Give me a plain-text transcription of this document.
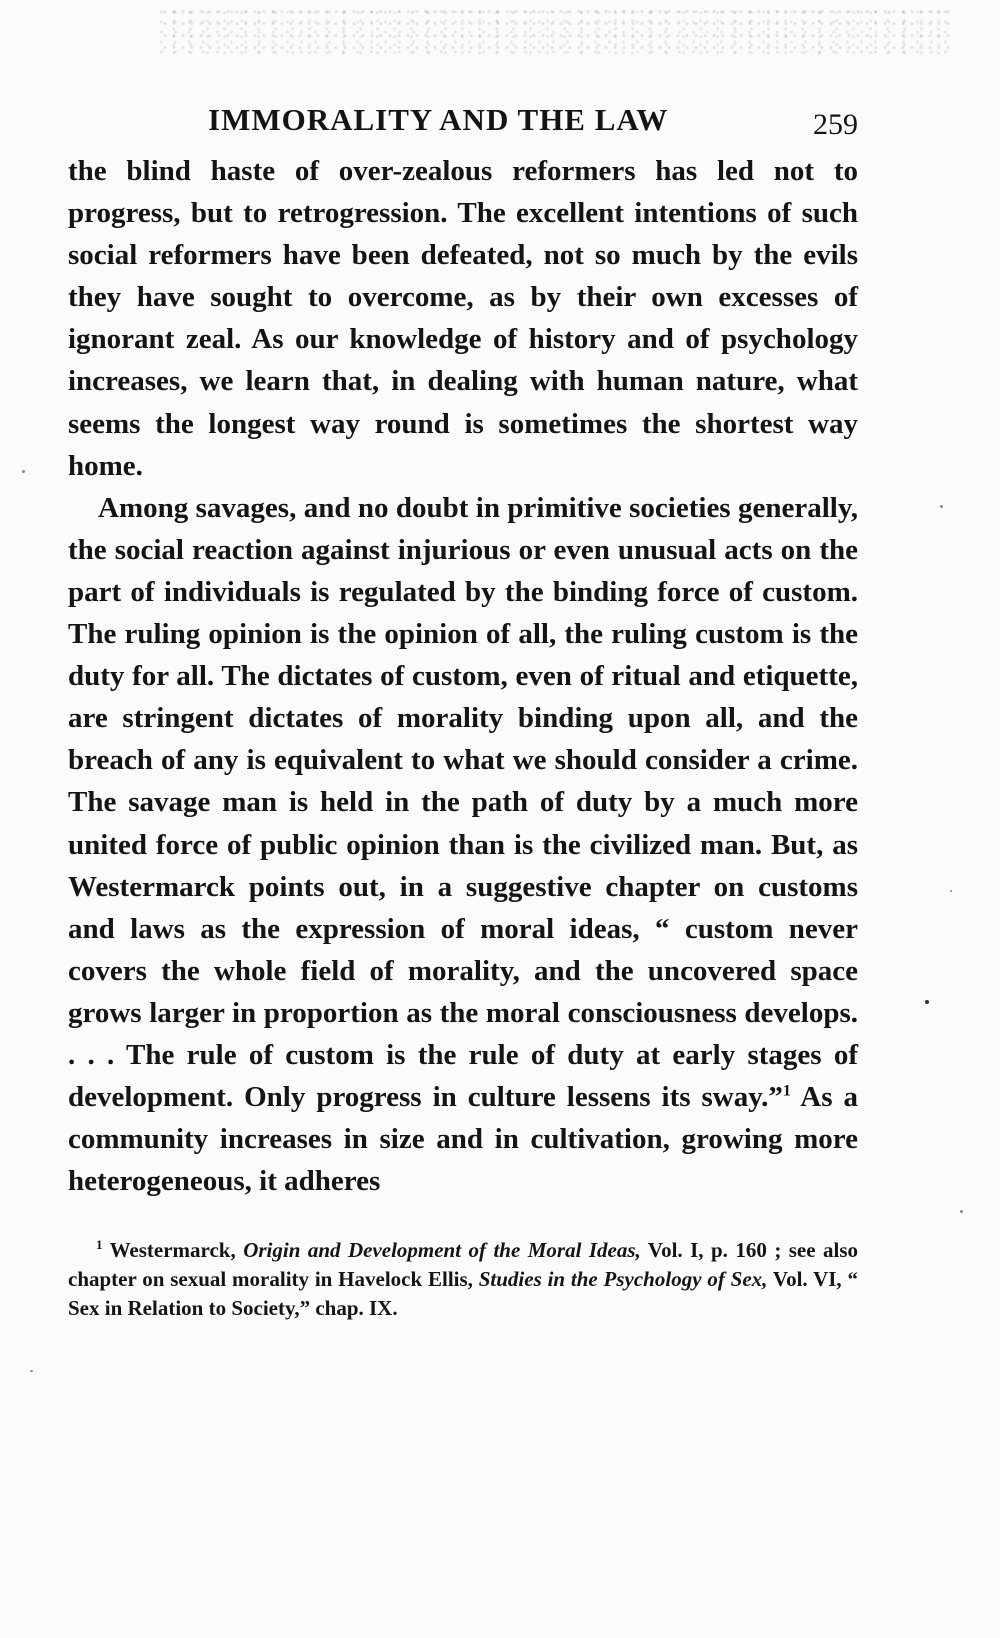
IMMORALITY AND THE LAW	259

the blind haste of over-zealous reformers has led not to progress, but to retrogression. The excellent intentions of such social reformers have been defeated, not so much by the evils they have sought to overcome, as by their own excesses of ignorant zeal. As our knowledge of history and of psychology increases, we learn that, in dealing with human nature, what seems the longest way round is sometimes the shortest way home.

Among savages, and no doubt in primitive societies generally, the social reaction against injurious or even unusual acts on the part of individuals is regulated by the binding force of custom. The ruling opinion is the opinion of all, the ruling custom is the duty for all. The dictates of custom, even of ritual and etiquette, are stringent dictates of morality binding upon all, and the breach of any is equivalent to what we should consider a crime. The savage man is held in the path of duty by a much more united force of public opinion than is the civilized man. But, as Westermarck points out, in a suggestive chapter on customs and laws as the expression of moral ideas, “ custom never covers the whole field of morality, and the uncovered space grows larger in proportion as the moral consciousness develops. . . . The rule of custom is the rule of duty at early stages of development. Only progress in culture lessens its sway.”$^1$ As a community increases in size and in cultivation, growing more heterogeneous, it adheres

$^1$ Westermarck, Origin and Development of the Moral Ideas, Vol. I, p. 160 ; see also chapter on sexual morality in Havelock Ellis, Studies in the Psychology of Sex, Vol. VI, “ Sex in Relation to Society,” chap. IX.
